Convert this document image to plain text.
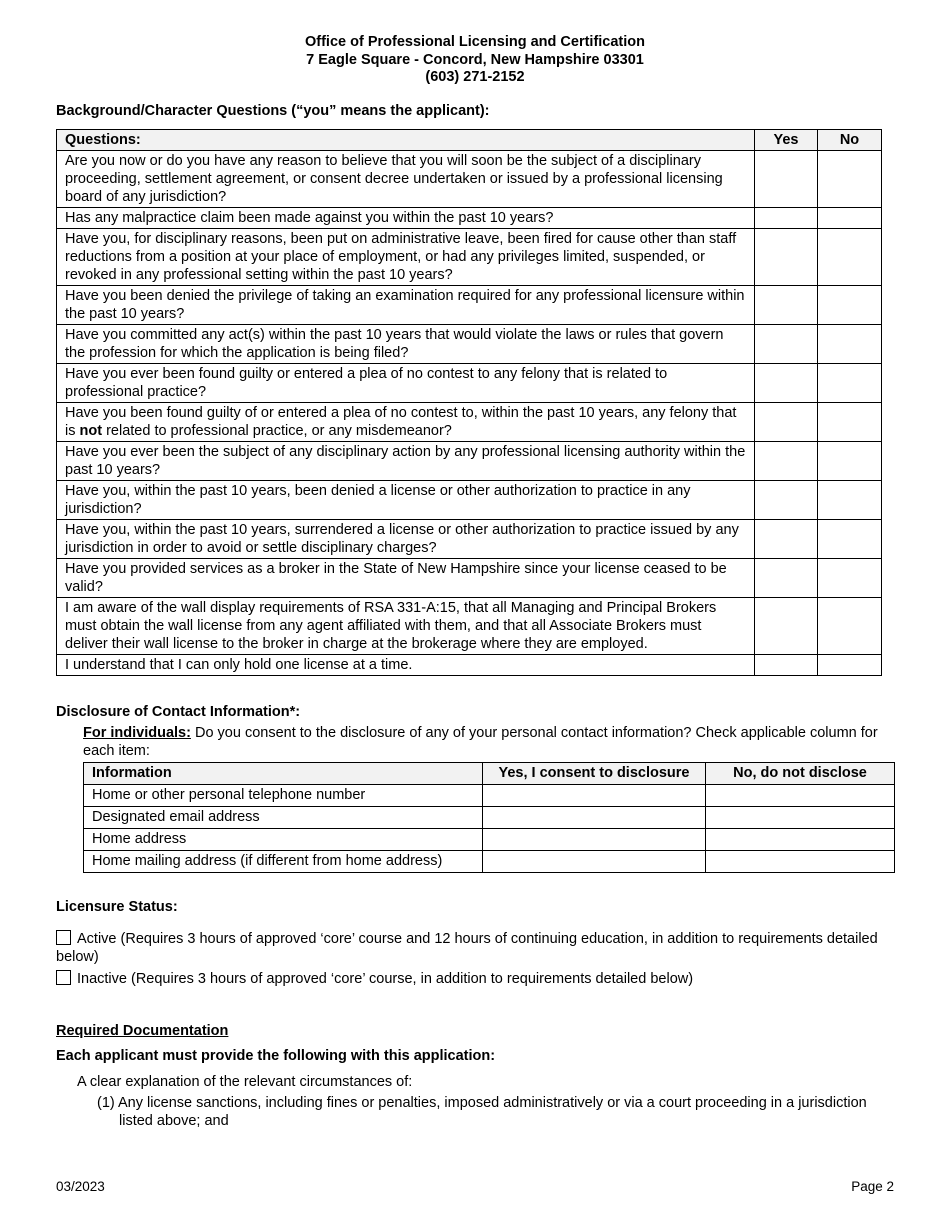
Office of Professional Licensing and Certification
7 Eagle Square - Concord, New Hampshire 03301
(603) 271-2152
Background/Character Questions (“you” means the applicant):
Questions:	Yes	No
Are you now or do you have any reason to believe that you will soon be the subject of a disciplinary proceeding, settlement agreement, or consent decree undertaken or issued by a professional licensing board of any jurisdiction?		
Has any malpractice claim been made against you within the past 10 years?		
Have you, for disciplinary reasons, been put on administrative leave, been fired for cause other than staff reductions from a position at your place of employment, or had any privileges limited, suspended, or revoked in any professional setting within the past 10 years?		
Have you been denied the privilege of taking an examination required for any professional licensure within the past 10 years?		
Have you committed any act(s) within the past 10 years that would violate the laws or rules that govern the profession for which the application is being filed?		
Have you ever been found guilty or entered a plea of no contest to any felony that is related to professional practice?		
Have you been found guilty of or entered a plea of no contest to, within the past 10 years, any felony that is not related to professional practice, or any misdemeanor?		
Have you ever been the subject of any disciplinary action by any professional licensing authority within the past 10 years?		
Have you, within the past 10 years, been denied a license or other authorization to practice in any jurisdiction?		
Have you, within the past 10 years, surrendered a license or other authorization to practice issued by any jurisdiction in order to avoid or settle disciplinary charges?		
Have you provided services as a broker in the State of New Hampshire since your license ceased to be valid?		
I am aware of the wall display requirements of RSA 331-A:15, that all Managing and Principal Brokers must obtain the wall license from any agent affiliated with them, and that all Associate Brokers must deliver their wall license to the broker in charge at the brokerage where they are employed.		
I understand that I can only hold one license at a time.		
Disclosure of Contact Information*:
For individuals: Do you consent to the disclosure of any of your personal contact information? Check applicable column for each item:
Information	Yes, I consent to disclosure	No, do not disclose
Home or other personal telephone number		
Designated email address		
Home address		
Home mailing address (if different from home address)		
Licensure Status:
Active (Requires 3 hours of approved ‘core’ course and 12 hours of continuing education, in addition to requirements detailed below)
Inactive (Requires 3 hours of approved ‘core’ course, in addition to requirements detailed below)
Required Documentation
Each applicant must provide the following with this application:
A clear explanation of the relevant circumstances of:
(1) Any license sanctions, including fines or penalties, imposed administratively or via a court proceeding in a jurisdiction listed above; and
03/2023	Page 2
